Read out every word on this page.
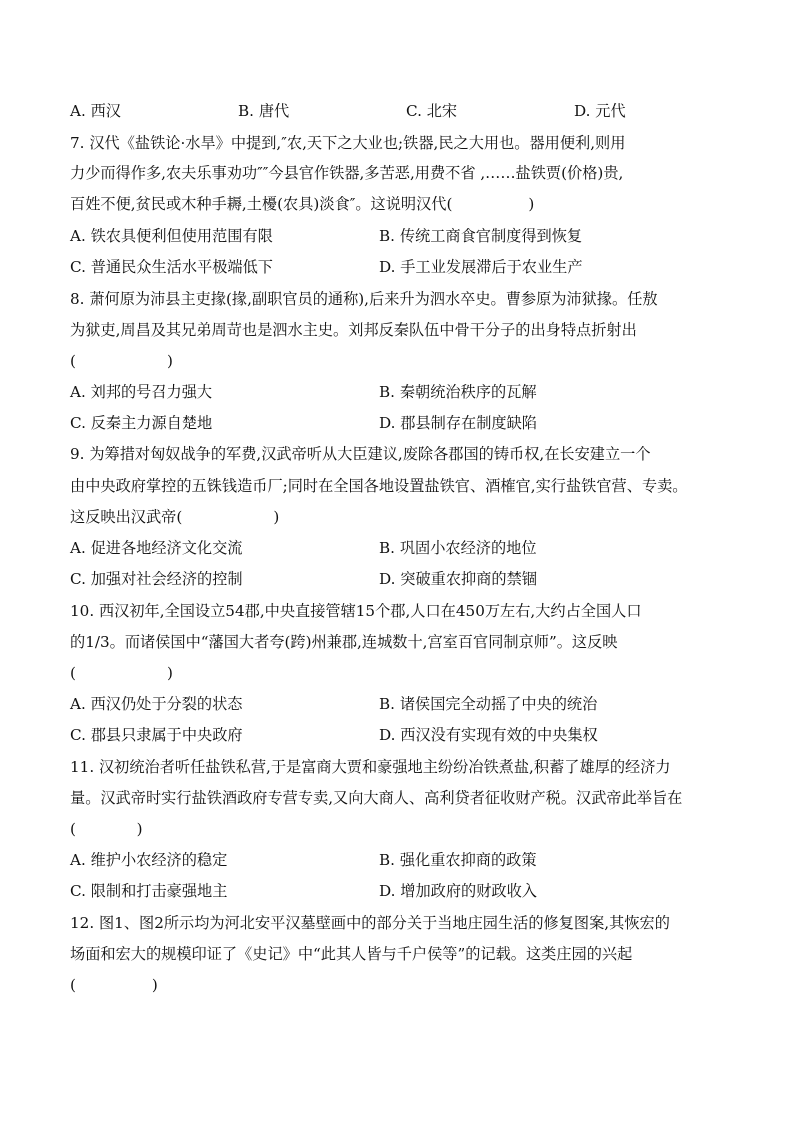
A. 西汉	B. 唐代	C. 北宋	D. 元代
7. 汉代《盐铁论·水旱》中提到,″农,天下之大业也;铁器,民之大用也。器用便利,则用
力少而得作多,农夫乐事劝功″″今县官作铁器,多苦恶,用费不省 ,……盐铁贾(价格)贵,
百姓不便,贫民或木种手耨,土櫌(农具)淡食″。这说明汉代(　　　　　)
A. 铁农具便利但使用范围有限	B. 传统工商食官制度得到恢复
C. 普通民众生活水平极端低下	D. 手工业发展滞后于农业生产
8. 萧何原为沛县主吏掾(掾,副职官员的通称),后来升为泗水卒史。曹参原为沛狱掾。任敖
为狱吏,周昌及其兄弟周苛也是泗水主史。刘邦反秦队伍中骨干分子的出身特点折射出
(　　　　　　)
A. 刘邦的号召力强大	B. 秦朝统治秩序的瓦解
C. 反秦主力源自楚地	D. 郡县制存在制度缺陷
9. 为筹措对匈奴战争的军费,汉武帝听从大臣建议,废除各郡国的铸币权,在长安建立一个
由中央政府掌控的五铢钱造币厂;同时在全国各地设置盐铁官、酒榷官,实行盐铁官营、专卖。
这反映出汉武帝(　　　　　　)
A. 促进各地经济文化交流	B. 巩固小农经济的地位
C. 加强对社会经济的控制	D. 突破重农抑商的禁锢
10. 西汉初年,全国设立54郡,中央直接管辖15个郡,人口在450万左右,大约占全国人口
的1/3。而诸侯国中“藩国大者夸(跨)州兼郡,连城数十,宫室百官同制京师”。这反映
(　　　　　　)
A. 西汉仍处于分裂的状态	B. 诸侯国完全动摇了中央的统治
C. 郡县只隶属于中央政府	D. 西汉没有实现有效的中央集权
11. 汉初统治者听任盐铁私营,于是富商大贾和豪强地主纷纷冶铁煮盐,积蓄了雄厚的经济力
量。汉武帝时实行盐铁酒政府专营专卖,又向大商人、高利贷者征收财产税。汉武帝此举旨在
(　　　　)
A. 维护小农经济的稳定	B. 强化重农抑商的政策
C. 限制和打击豪强地主	D. 增加政府的财政收入
12. 图1、图2所示均为河北安平汉墓壁画中的部分关于当地庄园生活的修复图案,其恢宏的
场面和宏大的规模印证了《史记》中“此其人皆与千户侯等”的记载。这类庄园的兴起
(　　　　　)
